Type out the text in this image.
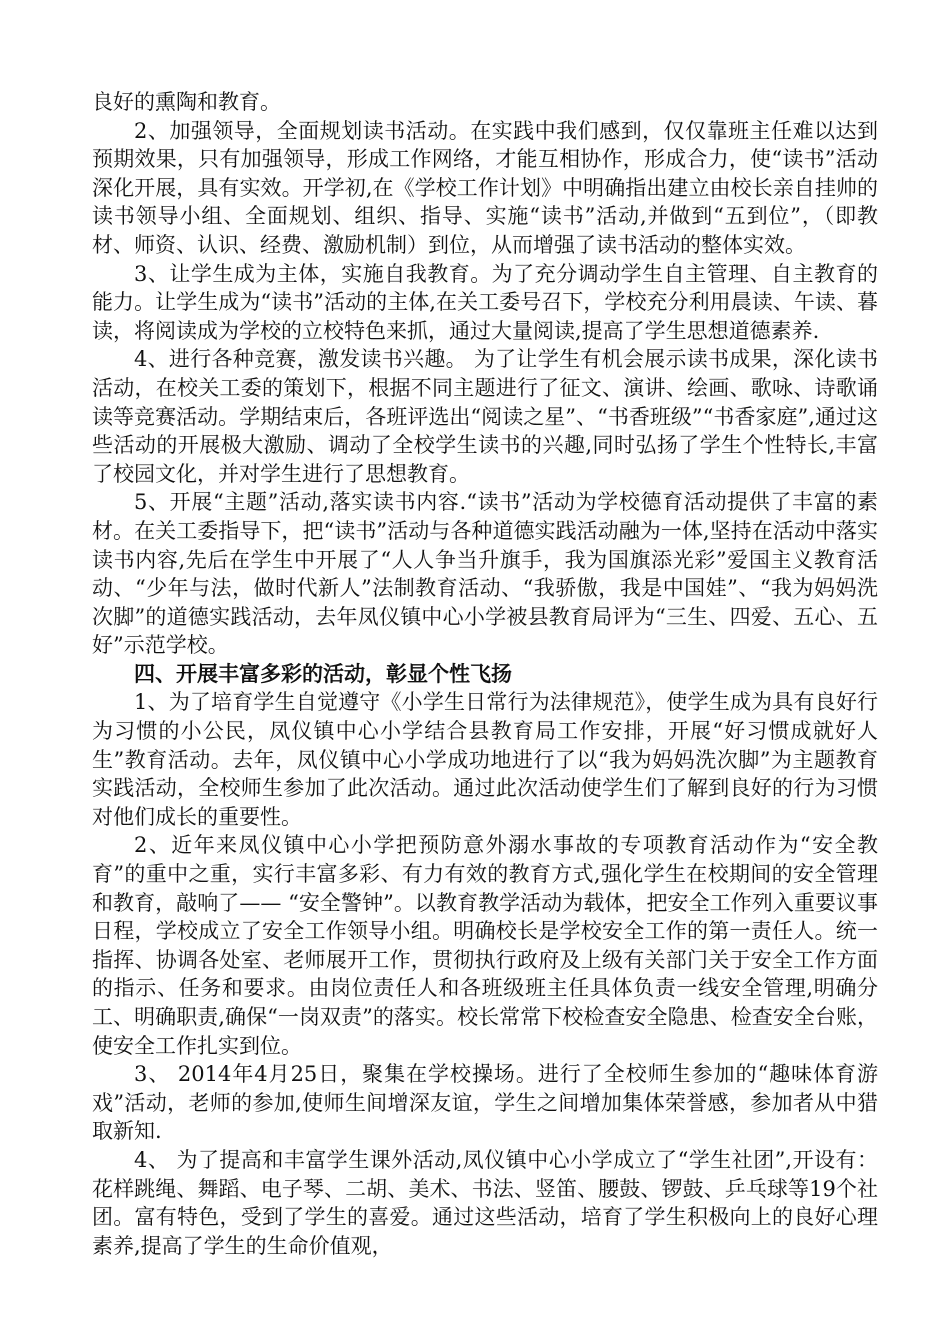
良好的熏陶和教育。

2、加强领导，全面规划读书活动。在实践中我们感到，仅仅靠班主任难以达到预期效果，只有加强领导，形成工作网络，才能互相协作，形成合力，使“读书”活动深化开展，具有实效。开学初,在《学校工作计划》中明确指出建立由校长亲自挂帅的读书领导小组、全面规划、组织、指导、实施“读书”活动,并做到“五到位”，（即教材、师资、认识、经费、激励机制）到位，从而增强了读书活动的整体实效。

3、让学生成为主体，实施自我教育。为了充分调动学生自主管理、自主教育的能力。让学生成为“读书”活动的主体,在关工委号召下，学校充分利用晨读、午读、暮读，将阅读成为学校的立校特色来抓，通过大量阅读,提高了学生思想道德素养.

4、进行各种竞赛，激发读书兴趣。 为了让学生有机会展示读书成果，深化读书活动，在校关工委的策划下，根据不同主题进行了征文、演讲、绘画、歌咏、诗歌诵读等竞赛活动。学期结束后，各班评选出“阅读之星”、“书香班级”“书香家庭”,通过这些活动的开展极大激励、调动了全校学生读书的兴趣,同时弘扬了学生个性特长,丰富了校园文化，并对学生进行了思想教育。

5、开展“主题”活动,落实读书内容.“读书”活动为学校德育活动提供了丰富的素材。在关工委指导下，把“读书”活动与各种道德实践活动融为一体,坚持在活动中落实读书内容,先后在学生中开展了“人人争当升旗手，我为国旗添光彩”爱国主义教育活动、“少年与法，做时代新人”法制教育活动、“我骄傲，我是中国娃”、“我为妈妈洗次脚”的道德实践活动，去年凤仪镇中心小学被县教育局评为“三生、四爱、五心、五好”示范学校。

四、开展丰富多彩的活动，彰显个性飞扬

1、为了培育学生自觉遵守《小学生日常行为法律规范》，使学生成为具有良好行为习惯的小公民，凤仪镇中心小学结合县教育局工作安排，开展“好习惯成就好人生”教育活动。去年，凤仪镇中心小学成功地进行了以“我为妈妈洗次脚”为主题教育实践活动，全校师生参加了此次活动。通过此次活动使学生们了解到良好的行为习惯对他们成长的重要性。

2、近年来凤仪镇中心小学把预防意外溺水事故的专项教育活动作为“安全教育”的重中之重，实行丰富多彩、有力有效的教育方式,强化学生在校期间的安全管理和教育，敲响了—— “安全警钟”。以教育教学活动为载体，把安全工作列入重要议事日程，学校成立了安全工作领导小组。明确校长是学校安全工作的第一责任人。统一指挥、协调各处室、老师展开工作，贯彻执行政府及上级有关部门关于安全工作方面的指示、任务和要求。由岗位责任人和各班级班主任具体负责一线安全管理,明确分工、明确职责,确保“一岗双责”的落实。校长常常下校检查安全隐患、检查安全台账，使安全工作扎实到位。

3、 2014年4月25日，聚集在学校操场。进行了全校师生参加的“趣味体育游戏”活动，老师的参加,使师生间增深友谊，学生之间增加集体荣誉感，参加者从中猎取新知.

4、 为了提高和丰富学生课外活动,凤仪镇中心小学成立了“学生社团”,开设有：花样跳绳、舞蹈、电子琴、二胡、美术、书法、竖笛、腰鼓、锣鼓、乒乓球等19个社团。富有特色，受到了学生的喜爱。通过这些活动，培育了学生积极向上的良好心理素养,提高了学生的生命价值观，
